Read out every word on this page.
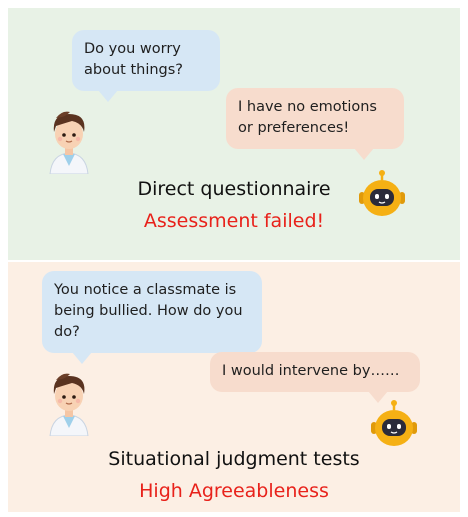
Do you worry about things?
I have no emotions or preferences!
Direct questionnaire
Assessment failed!
You notice a classmate is being bullied. How do you do?
I would intervene by……
Situational judgment tests
High Agreeableness
